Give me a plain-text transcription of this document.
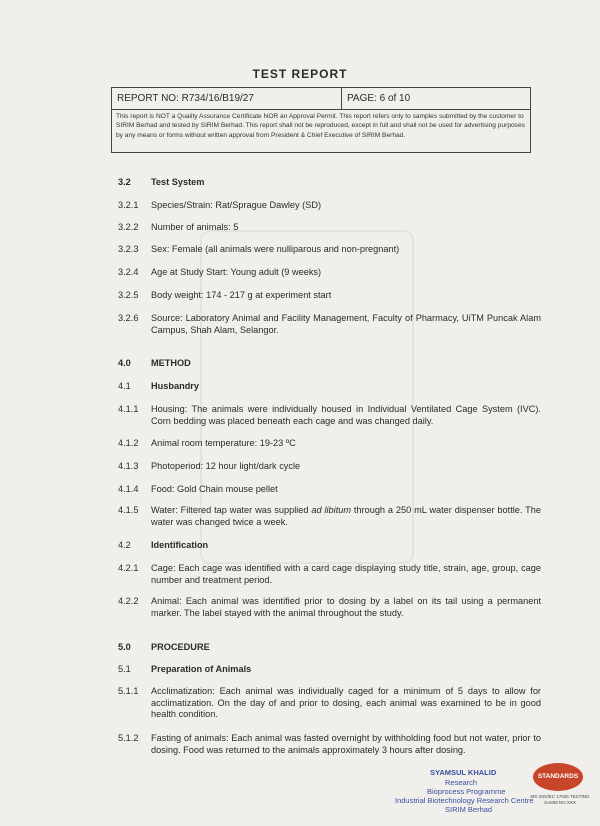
TEST REPORT
REPORT NO: R734/16/B19/27	PAGE: 6 of 10
This report is NOT a Quality Assurance Certificate NOR an Approval Permit. This report refers only to samples submitted by the customer to SIRIM Berhad and tested by SIRIM Berhad. This report shall not be reproduced, except in full and shall not be used for advertising purposes by any means or forms without written approval from President & Chief Executive of SIRIM Berhad.
3.2 Test System
3.2.1 Species/Strain: Rat/Sprague Dawley (SD)
3.2.2 Number of animals: 5
3.2.3 Sex: Female (all animals were nulliparous and non-pregnant)
3.2.4 Age at Study Start: Young adult (9 weeks)
3.2.5 Body weight: 174 - 217 g at experiment start
3.2.6 Source: Laboratory Animal and Facility Management, Faculty of Pharmacy, UiTM Puncak Alam Campus, Shah Alam, Selangor.
4.0 METHOD
4.1 Husbandry
4.1.1 Housing: The animals were individually housed in Individual Ventilated Cage System (IVC). Corn bedding was placed beneath each cage and was changed daily.
4.1.2 Animal room temperature: 19-23 ºC
4.1.3 Photoperiod: 12 hour light/dark cycle
4.1.4 Food: Gold Chain mouse pellet
4.1.5 Water: Filtered tap water was supplied ad libitum through a 250 mL water dispenser bottle. The water was changed twice a week.
4.2 Identification
4.2.1 Cage: Each cage was identified with a card cage displaying study title, strain, age, group, cage number and treatment period.
4.2.2 Animal: Each animal was identified prior to dosing by a label on its tail using a permanent marker. The label stayed with the animal throughout the study.
5.0 PROCEDURE
5.1 Preparation of Animals
5.1.1 Acclimatization: Each animal was individually caged for a minimum of 5 days to allow for acclimatization. On the day of and prior to dosing, each animal was examined to be in good health condition.
5.1.2 Fasting of animals: Each animal was fasted overnight by withholding food but not water, prior to dosing. Food was returned to the animals approximately 3 hours after dosing.
SYAMSUL KHALID
Research
Bioprocess Programme
Industrial Biotechnology Research Centre
SIRIM Berhad
STANDARDS
MS ISO/IEC 17025 TESTING SAMM NO.XXX
